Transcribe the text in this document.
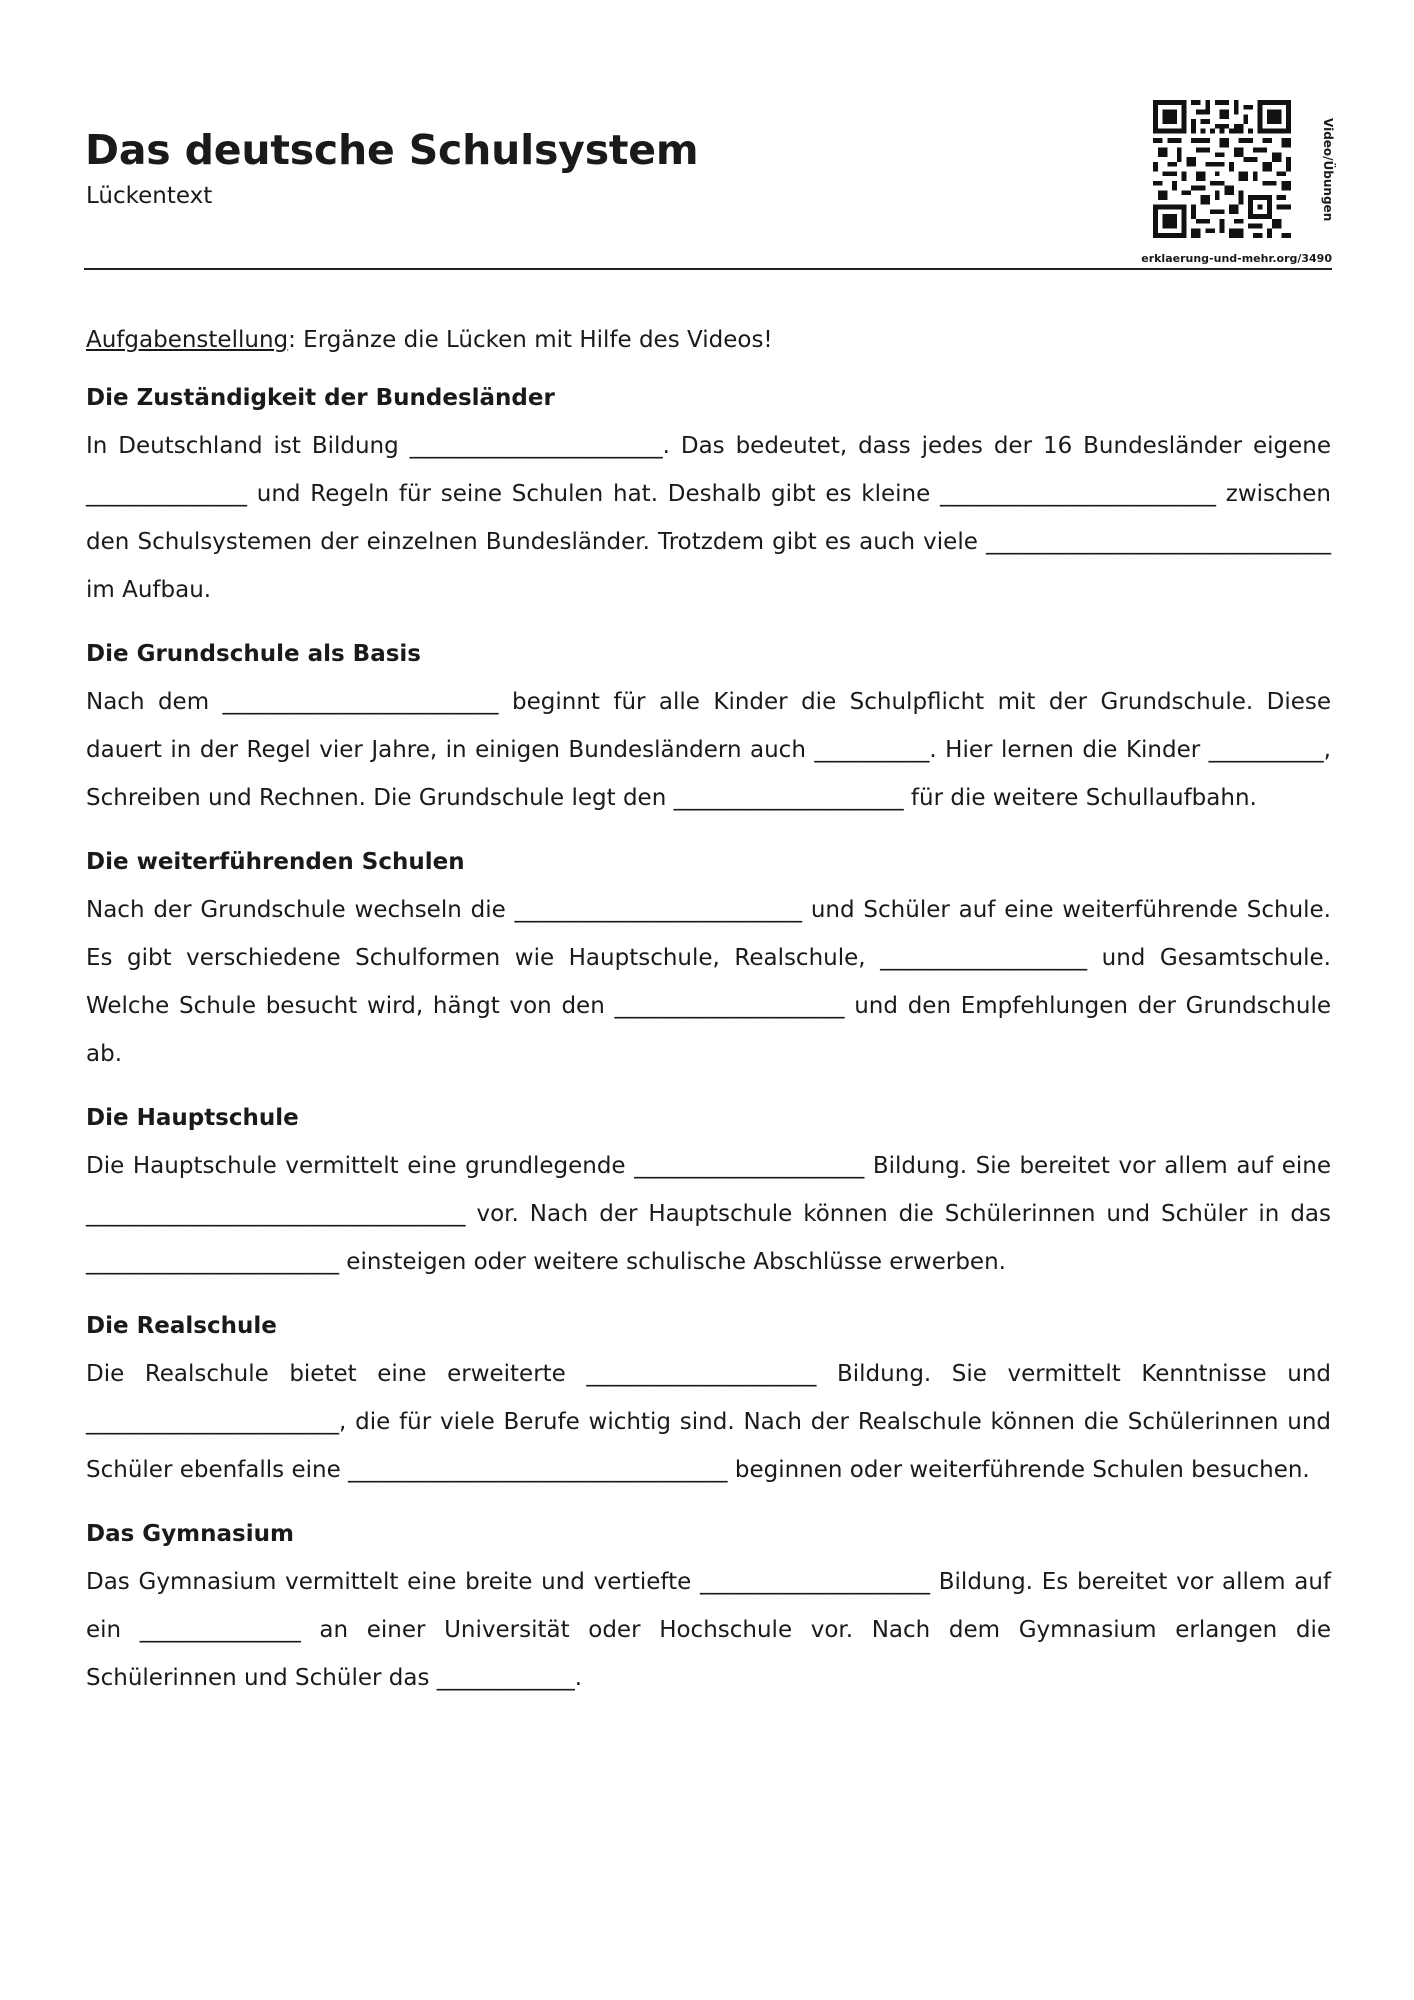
Das deutsche Schulsystem
Lückentext	Video/Übungen
erklaerung-und-mehr.org/3490

Aufgabenstellung: Ergänze die Lücken mit Hilfe des Videos!

Die Zuständigkeit der Bundesländer

In Deutschland ist Bildung ______________________. Das bedeutet, dass jedes der 16 Bundesländer eigene ______________ und Regeln für seine Schulen hat. Deshalb gibt es kleine ________________________ zwischen den Schulsystemen der einzelnen Bundesländer. Trotzdem gibt es auch viele ______________________________ im Aufbau.

Die Grundschule als Basis

Nach dem ________________________ beginnt für alle Kinder die Schulpflicht mit der Grundschule. Diese dauert in der Regel vier Jahre, in einigen Bundesländern auch __________. Hier lernen die Kinder __________, Schreiben und Rechnen. Die Grundschule legt den ____________________ für die weitere Schullaufbahn.

Die weiterführenden Schulen

Nach der Grundschule wechseln die _________________________ und Schüler auf eine weiterführende Schule. Es gibt verschiedene Schulformen wie Hauptschule, Realschule, __________________ und Gesamtschule. Welche Schule besucht wird, hängt von den ____________________ und den Empfehlungen der Grundschule ab.

Die Hauptschule

Die Hauptschule vermittelt eine grundlegende ____________________ Bildung. Sie bereitet vor allem auf eine _________________________________ vor. Nach der Hauptschule können die Schülerinnen und Schüler in das ______________________ einsteigen oder weitere schulische Abschlüsse erwerben.

Die Realschule

Die Realschule bietet eine erweiterte ____________________ Bildung. Sie vermittelt Kenntnisse und ______________________, die für viele Berufe wichtig sind. Nach der Realschule können die Schülerinnen und Schüler ebenfalls eine _________________________________ beginnen oder weiterführende Schulen besuchen.

Das Gymnasium

Das Gymnasium vermittelt eine breite und vertiefte ____________________ Bildung. Es bereitet vor allem auf ein ______________ an einer Universität oder Hochschule vor. Nach dem Gymnasium erlangen die Schülerinnen und Schüler das ____________.
